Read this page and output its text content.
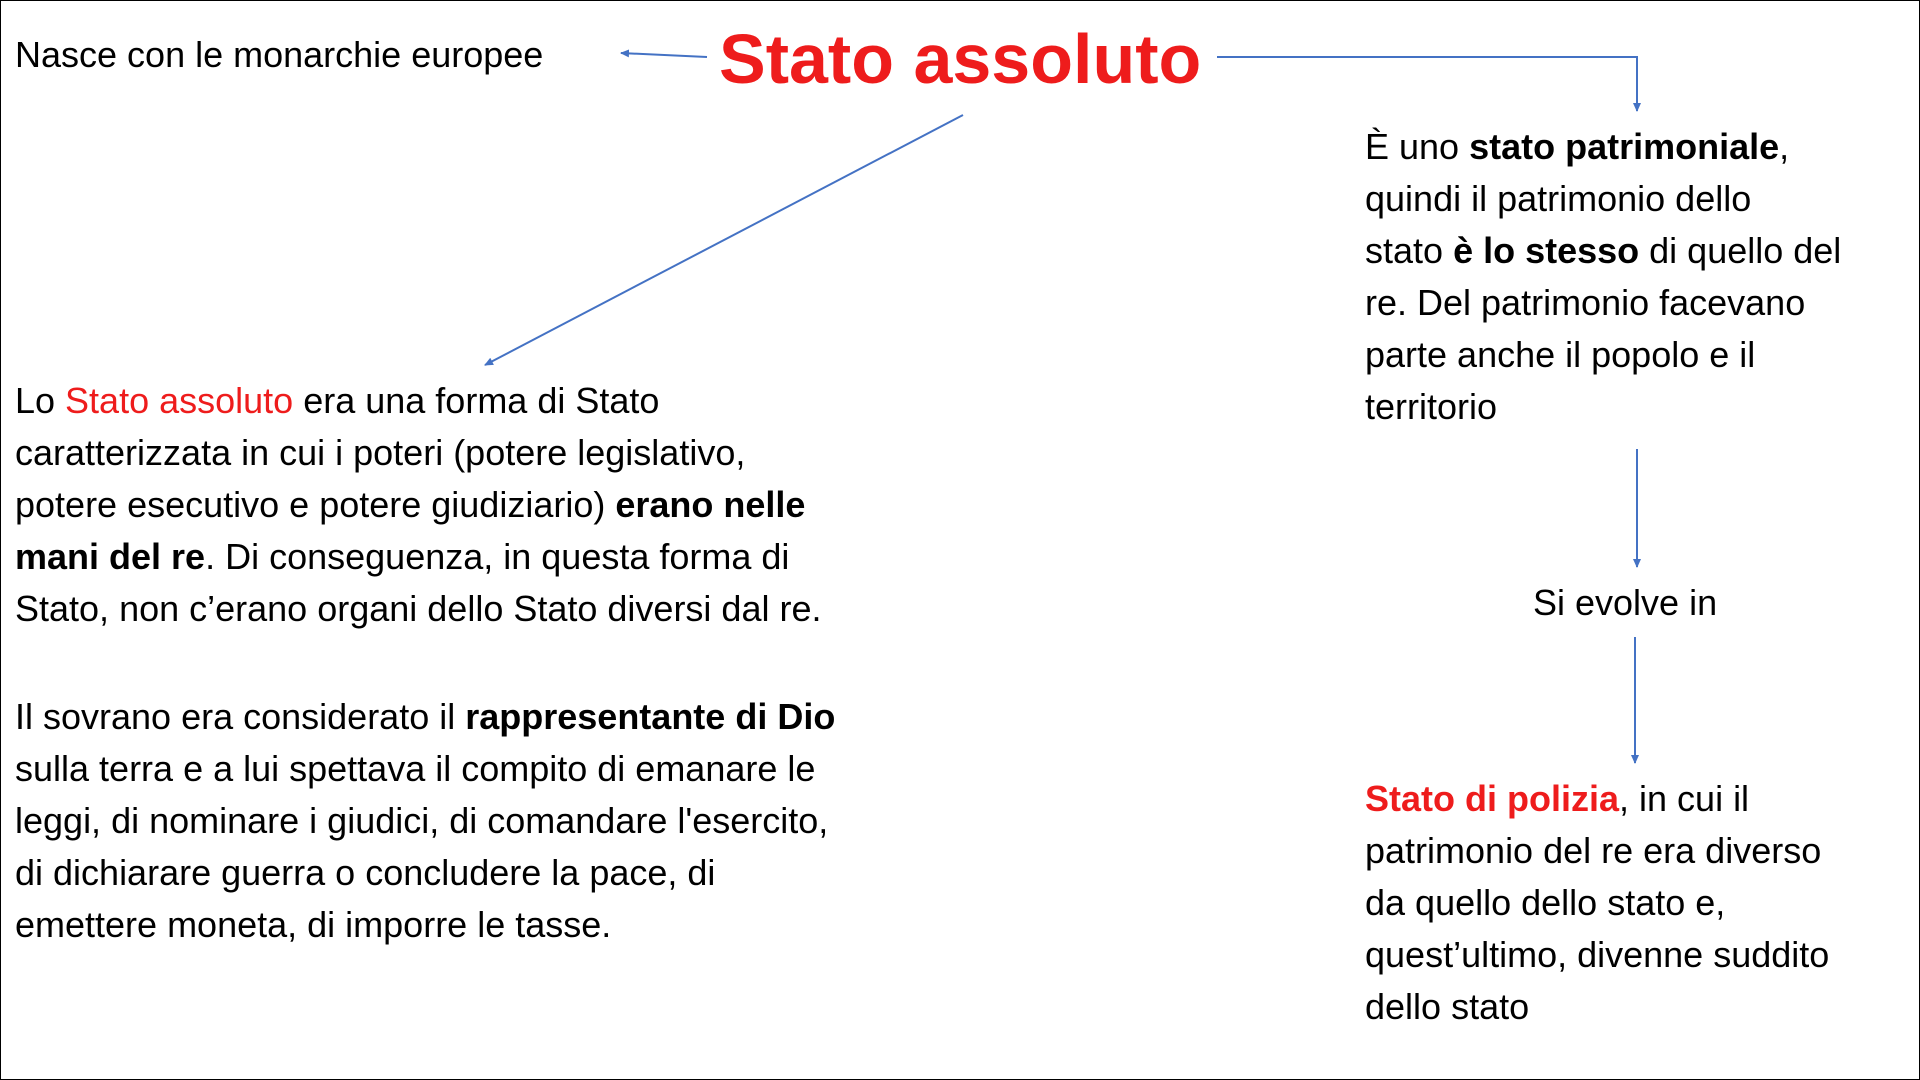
Stato assoluto

Nasce con le monarchie europee

Lo Stato assoluto era una forma di Stato
caratterizzata in cui i poteri (potere legislativo,
potere esecutivo e potere giudiziario) erano nelle
mani del re. Di conseguenza, in questa forma di
Stato, non c’erano organi dello Stato diversi dal re.
Il sovrano era considerato il rappresentante di Dio
sulla terra e a lui spettava il compito di emanare le
leggi, di nominare i giudici, di comandare l'esercito,
di dichiarare guerra o concludere la pace, di
emettere moneta, di imporre le tasse.
È uno stato patrimoniale,
quindi il patrimonio dello
stato è lo stesso di quello del
re. Del patrimonio facevano
parte anche il popolo e il
territorio

Si evolve in

Stato di polizia, in cui il
patrimonio del re era diverso
da quello dello stato e,
quest’ultimo, divenne suddito
dello stato
